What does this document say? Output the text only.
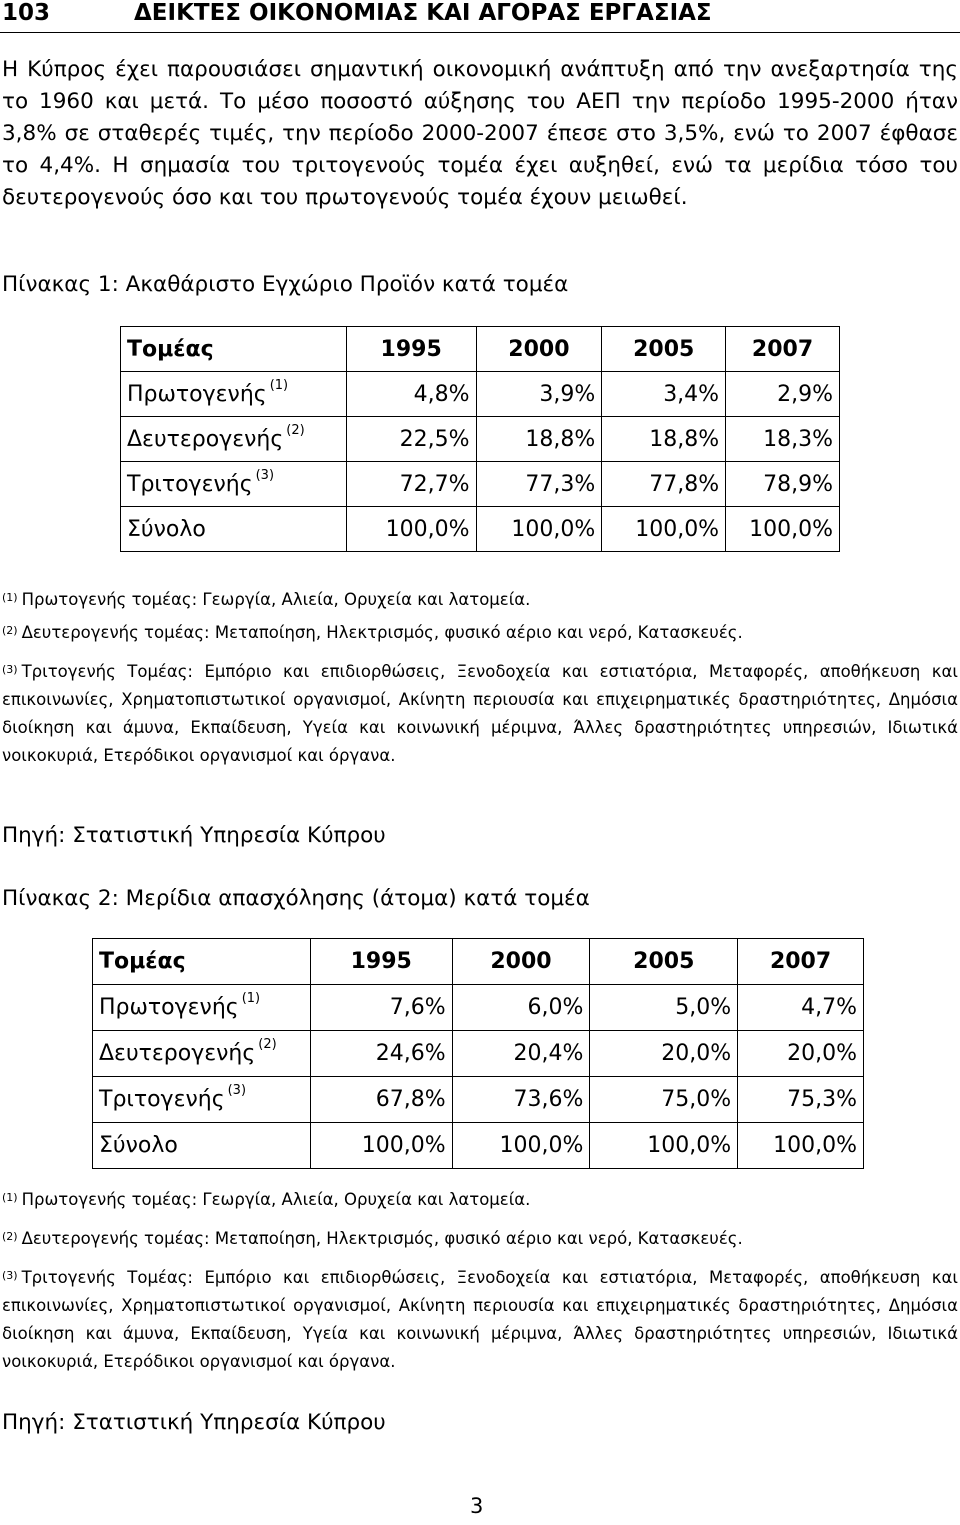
103	ΔΕΙΚΤΕΣ ΟΙΚΟΝΟΜΙΑΣ ΚΑΙ ΑΓΟΡΑΣ ΕΡΓΑΣΙΑΣ
Η Κύπρος έχει παρουσιάσει σημαντική οικονομική ανάπτυξη από την ανεξαρτησία της το 1960 και μετά. Το μέσο ποσοστό αύξησης του ΑΕΠ την περίοδο 1995-2000 ήταν 3,8% σε σταθερές τιμές, την περίοδο 2000-2007 έπεσε στο 3,5%, ενώ το 2007 έφθασε το 4,4%. Η σημασία του τριτογενούς τομέα έχει αυξηθεί, ενώ τα μερίδια τόσο του δευτερογενούς όσο και του πρωτογενούς τομέα έχουν μειωθεί.
Πίνακας 1: Ακαθάριστο Εγχώριο Προϊόν κατά τομέα
Τομέας	1995	2000	2005	2007
Πρωτογενής $^{(1)}$	4,8%	3,9%	3,4%	2,9%
Δευτερογενής $^{(2)}$	22,5%	18,8%	18,8%	18,3%
Τριτογενής $^{(3)}$	72,7%	77,3%	77,8%	78,9%
Σύνολο	100,0%	100,0%	100,0%	100,0%
$^{(1)}$ Πρωτογενής τομέας: Γεωργία, Αλιεία, Ορυχεία και λατομεία.
$^{(2)}$ Δευτερογενής τομέας: Μεταποίηση, Ηλεκτρισμός, φυσικό αέριο και νερό, Κατασκευές.
$^{(3)}$ Τριτογενής Τομέας: Εμπόριο και επιδιορθώσεις, Ξενοδοχεία και εστιατόρια, Μεταφορές, αποθήκευση και επικοινωνίες, Χρηματοπιστωτικοί οργανισμοί, Ακίνητη περιουσία και επιχειρηματικές δραστηριότητες, Δημόσια διοίκηση και άμυνα, Εκπαίδευση, Υγεία και κοινωνική μέριμνα, Άλλες δραστηριότητες υπηρεσιών, Ιδιωτικά νοικοκυριά, Ετερόδικοι οργανισμοί και όργανα.
Πηγή: Στατιστική Υπηρεσία Κύπρου
Πίνακας 2: Μερίδια απασχόλησης (άτομα) κατά τομέα
Τομέας	1995	2000	2005	2007
Πρωτογενής $^{(1)}$	7,6%	6,0%	5,0%	4,7%
Δευτερογενής $^{(2)}$	24,6%	20,4%	20,0%	20,0%
Τριτογενής $^{(3)}$	67,8%	73,6%	75,0%	75,3%
Σύνολο	100,0%	100,0%	100,0%	100,0%
$^{(1)}$ Πρωτογενής τομέας: Γεωργία, Αλιεία, Ορυχεία και λατομεία.
$^{(2)}$ Δευτερογενής τομέας: Μεταποίηση, Ηλεκτρισμός, φυσικό αέριο και νερό, Κατασκευές.
$^{(3)}$ Τριτογενής Τομέας: Εμπόριο και επιδιορθώσεις, Ξενοδοχεία και εστιατόρια, Μεταφορές, αποθήκευση και επικοινωνίες, Χρηματοπιστωτικοί οργανισμοί, Ακίνητη περιουσία και επιχειρηματικές δραστηριότητες, Δημόσια διοίκηση και άμυνα, Εκπαίδευση, Υγεία και κοινωνική μέριμνα, Άλλες δραστηριότητες υπηρεσιών, Ιδιωτικά νοικοκυριά, Ετερόδικοι οργανισμοί και όργανα.
Πηγή: Στατιστική Υπηρεσία Κύπρου
3
